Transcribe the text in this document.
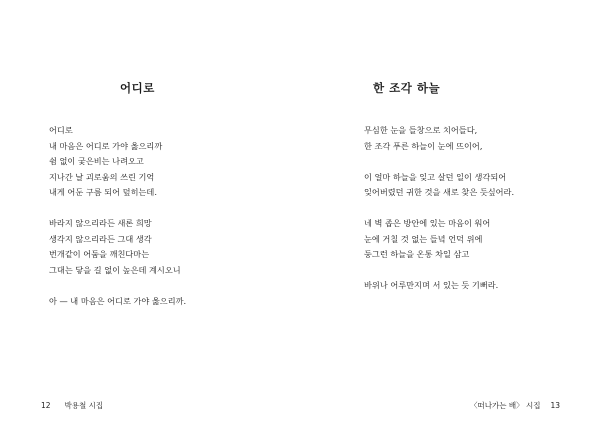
어디로
어디로
내 마음은 어디로 가야 옳으리까
쉼 없이 궂은비는 나려오고
지나간 날 괴로움의 쓰린 기억
내게 어둔 구름 되어 덮히는데.
바라지 않으리라든 새론 희망
생각지 않으리라든 그대 생각
번개같이 어둠을 깨친다마는
그대는 닿을 길 없이 높은데 계시오니
아 — 내 마음은 어디로 가야 옳으리까.
12 박용철 시집
한 조각 하늘
무심한 눈을 들창으로 치어들다,
한 조각 푸른 하늘이 눈에 뜨이어,
이 얼마 하늘을 잊고 살던 일이 생각되어
잊어버렸던 귀한 것을 새로 찾은 듯싶어라.
네 벽 좁은 방안에 있는 마음이 워어
눈에 거칠 것 없는 들녘 언덕 위에
둥그런 하늘을 온통 차일 삼고
바위나 어루만지며 서 있는 듯 기뻐라.
〈떠나가는 배〉 시집 13
